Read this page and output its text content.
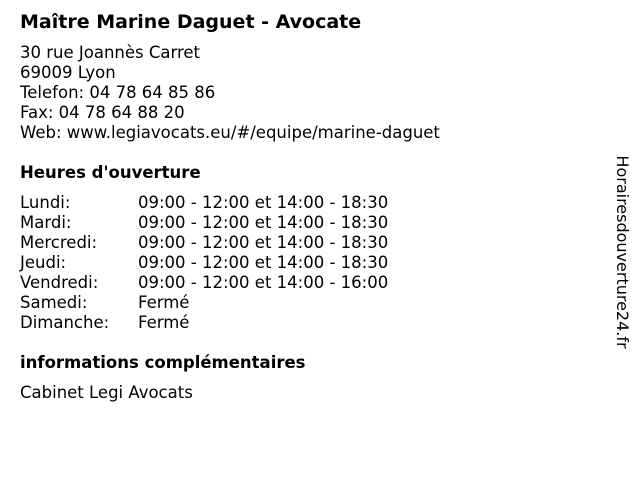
Maître Marine Daguet - Avocate
30 rue Joannès Carret
69009 Lyon
Telefon: 04 78 64 85 86
Fax: 04 78 64 88 20
Web: www.legiavocats.eu/#/equipe/marine-daguet
Heures d'ouverture
Lundi:	09:00 - 12:00 et 14:00 - 18:30
Mardi:	09:00 - 12:00 et 14:00 - 18:30
Mercredi: 09:00 - 12:00 et 14:00 - 18:30
Jeudi:	09:00 - 12:00 et 14:00 - 18:30
Vendredi: 09:00 - 12:00 et 14:00 - 16:00
Samedi:	Fermé
Dimanche: Fermé
informations complémentaires
Cabinet Legi Avocats
Horairesdouverture24.fr
